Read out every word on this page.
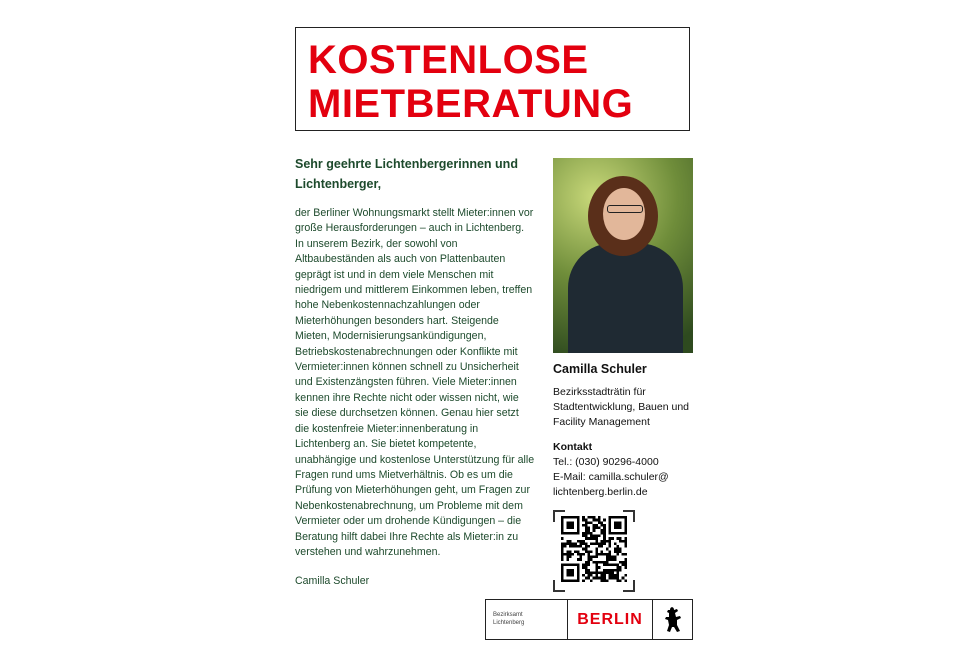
KOSTENLOSE
MIETBERATUNG

Sehr geehrte Lichtenbergerinnen und Lichtenberger,

der Berliner Wohnungsmarkt stellt Mieter:innen vor große Herausforderungen – auch in Lichtenberg. In unserem Bezirk, der sowohl von Altbaubeständen als auch von Plattenbauten geprägt ist und in dem viele Menschen mit niedrigem und mittlerem Einkommen leben, treffen hohe Nebenkostennachzahlungen oder Mieterhöhungen besonders hart. Steigende Mieten, Modernisierungsankündigungen, Betriebskostenabrechnungen oder Konflikte mit Vermieter:innen können schnell zu Unsicherheit und Existenzängsten führen. Viele Mieter:innen kennen ihre Rechte nicht oder wissen nicht, wie sie diese durchsetzen können. Genau hier setzt die kostenfreie Mieter:innenberatung in Lichtenberg an. Sie bietet kompetente, unabhängige und kostenlose Unterstützung für alle Fragen rund ums Mietverhältnis. Ob es um die Prüfung von Mieterhöhungen geht, um Fragen zur Nebenkostenabrechnung, um Probleme mit dem Vermieter oder um drohende Kündigungen – die Beratung hilft dabei Ihre Rechte als Mieter:in zu verstehen und wahrzunehmen.

Camilla Schuler
Camilla Schuler
Bezirksstadträtin für Stadtentwicklung, Bauen und Facility Management
Kontakt
Tel.: (030) 90296-4000
E-Mail: camilla.schuler@
lichtenberg.berlin.de
Bezirksamt
Lichtenberg	BERLIN
